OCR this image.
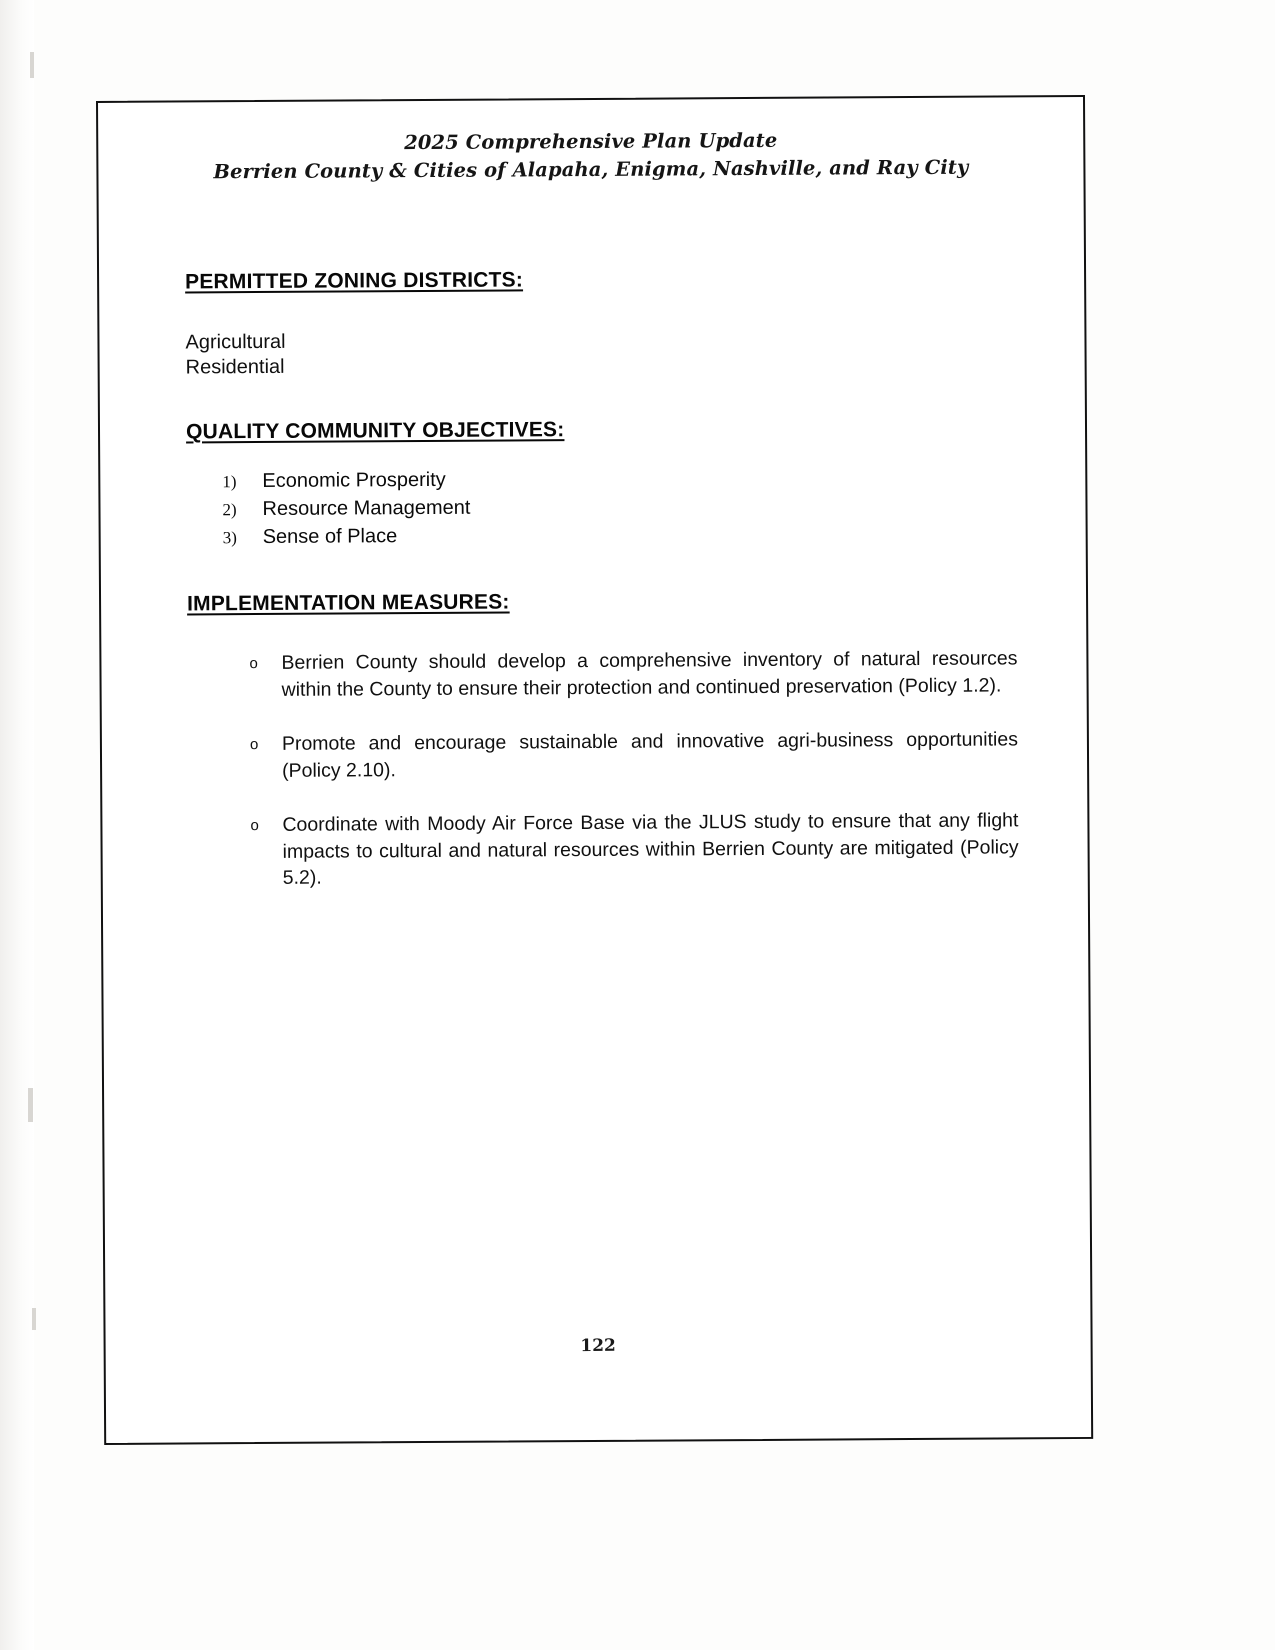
2025 Comprehensive Plan Update
Berrien County & Cities of Alapaha, Enigma, Nashville, and Ray City
PERMITTED ZONING DISTRICTS:

Agricultural

Residential

QUALITY COMMUNITY OBJECTIVES:
1)	Economic Prosperity
2)	Resource Management
3)	Sense of Place
IMPLEMENTATION MEASURES:
o Berrien County should develop a comprehensive inventory of natural resources within the County to ensure their protection and continued preservation (Policy 1.2).
o Promote and encourage sustainable and innovative agri-business opportunities (Policy 2.10).
o Coordinate with Moody Air Force Base via the JLUS study to ensure that any flight impacts to cultural and natural resources within Berrien County are mitigated (Policy 5.2).
122
